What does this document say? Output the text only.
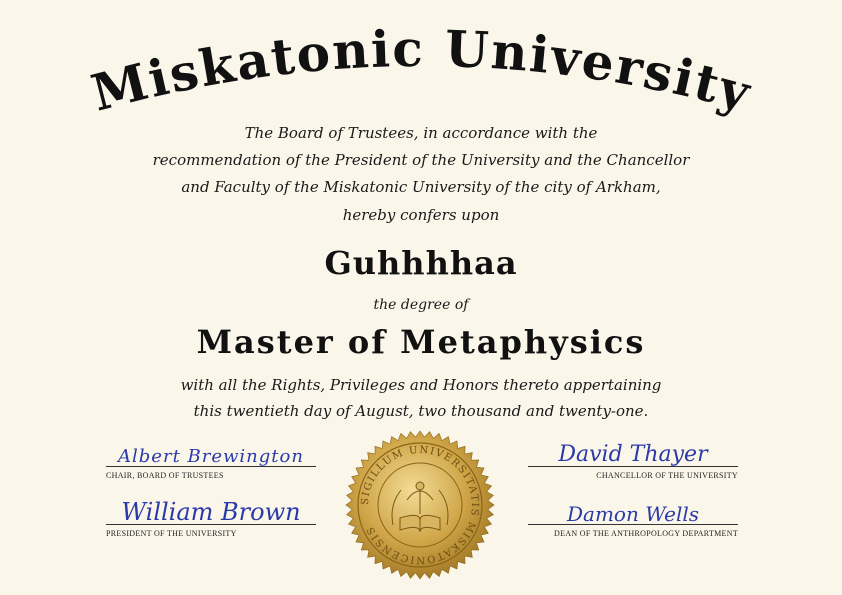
Miskatonic University
The Board of Trustees, in accordance with the
recommendation of the President of the University and the Chancellor
and Faculty of the Miskatonic University of the city of Arkham,
hereby confers upon
Guhhhhaa
the degree of
Master of Metaphysics
with all the Rights, Privileges and Honors thereto appertaining
this twentieth day of August, two thousand and twenty-one.
Albert Brewington
CHAIR, BOARD OF TRUSTEES
David Thayer
CHANCELLOR OF THE UNIVERSITY
William Brown
PRESIDENT OF THE UNIVERSITY
Damon Wells
DEAN OF THE ANTHROPOLOGY DEPARTMENT
SIGILLUM UNIVERSITATIS MISKATONICENSIS
